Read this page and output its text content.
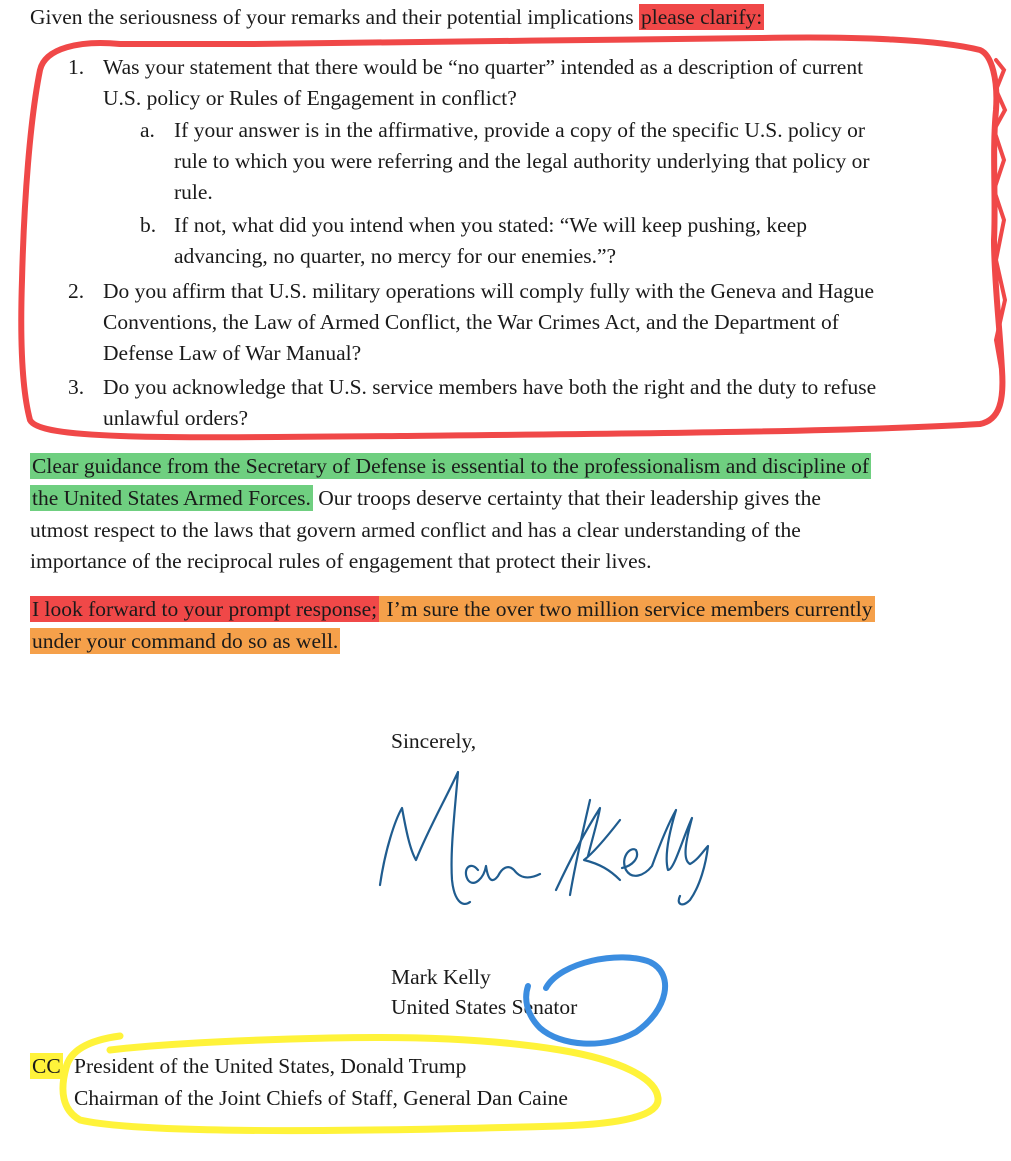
Given the seriousness of your remarks and their potential implications please clarify:
1. Was your statement that there would be “no quarter” intended as a description of current
U.S. policy or Rules of Engagement in conflict?
a. If your answer is in the affirmative, provide a copy of the specific U.S. policy or
rule to which you were referring and the legal authority underlying that policy or
rule.
b. If not, what did you intend when you stated: “We will keep pushing, keep
advancing, no quarter, no mercy for our enemies.”?
2. Do you affirm that U.S. military operations will comply fully with the Geneva and Hague
Conventions, the Law of Armed Conflict, the War Crimes Act, and the Department of
Defense Law of War Manual?
3. Do you acknowledge that U.S. service members have both the right and the duty to refuse
unlawful orders?
Clear guidance from the Secretary of Defense is essential to the professionalism and discipline of
the United States Armed Forces. Our troops deserve certainty that their leadership gives the
utmost respect to the laws that govern armed conflict and has a clear understanding of the
importance of the reciprocal rules of engagement that protect their lives.
I look forward to your prompt response; I’m sure the over two million service members currently
under your command do so as well.
Sincerely,
Mark Kelly
United States Senator
CC: President of the United States, Donald Trump
Chairman of the Joint Chiefs of Staff, General Dan Caine
